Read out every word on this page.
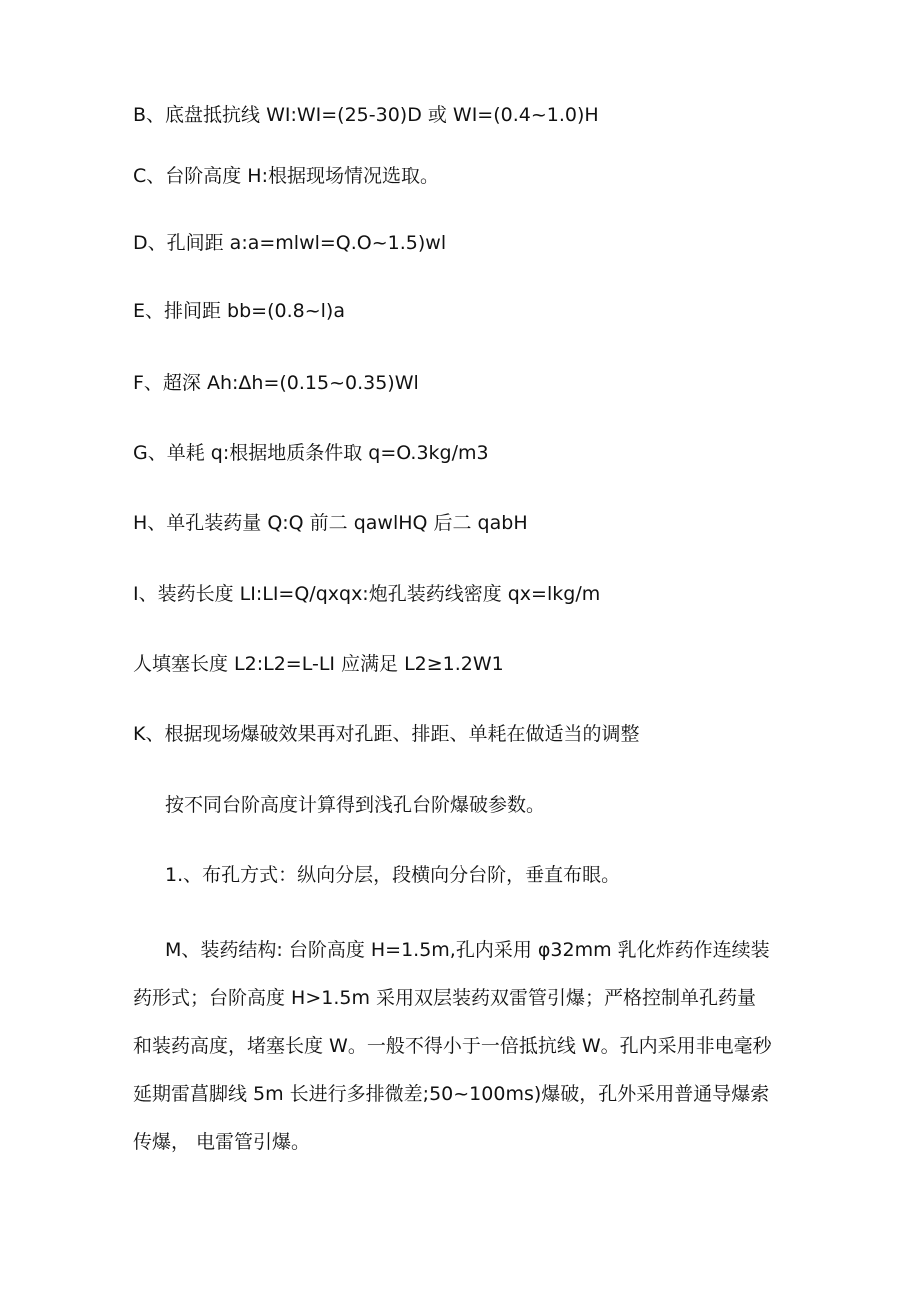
B、底盘抵抗线 WI:WI=(25-30)D 或 WI=(0.4~1.0)H
C、台阶高度 H:根据现场情况选取。
D、孔间距 a:a=mlwl=Q.O~1.5)wl
E、排间距 bb=(0.8~l)a
F、超深 Ah:Δh=(0.15~0.35)Wl
G、单耗 q:根据地质条件取 q=O.3kg∕m3
H、单孔装药量 Q:Q 前二 qawlHQ 后二 qabH
I、装药长度 LI:LI=Q∕qxqx:炮孔装药线密度 qx=lkg∕m
人填塞长度 L2:L2=L-LI 应满足 L2≥1.2W1
K、根据现场爆破效果再对孔距、排距、单耗在做适当的调整
按不同台阶高度计算得到浅孔台阶爆破参数。
1.、布孔方式：纵向分层，段横向分台阶，垂直布眼。
M、装药结构: 台阶高度 H=1.5m,孔内采用 φ32mm 乳化炸药作连续装
药形式；台阶高度 H>1.5m 采用双层装药双雷管引爆；严格控制单孔药量
和装药高度，堵塞长度 W。一般不得小于一倍抵抗线 W。孔内采用非电毫秒
延期雷菖脚线 5m 长进行多排微差;50~100ms)爆破，孔外采用普通导爆索
传爆， 电雷管引爆。
